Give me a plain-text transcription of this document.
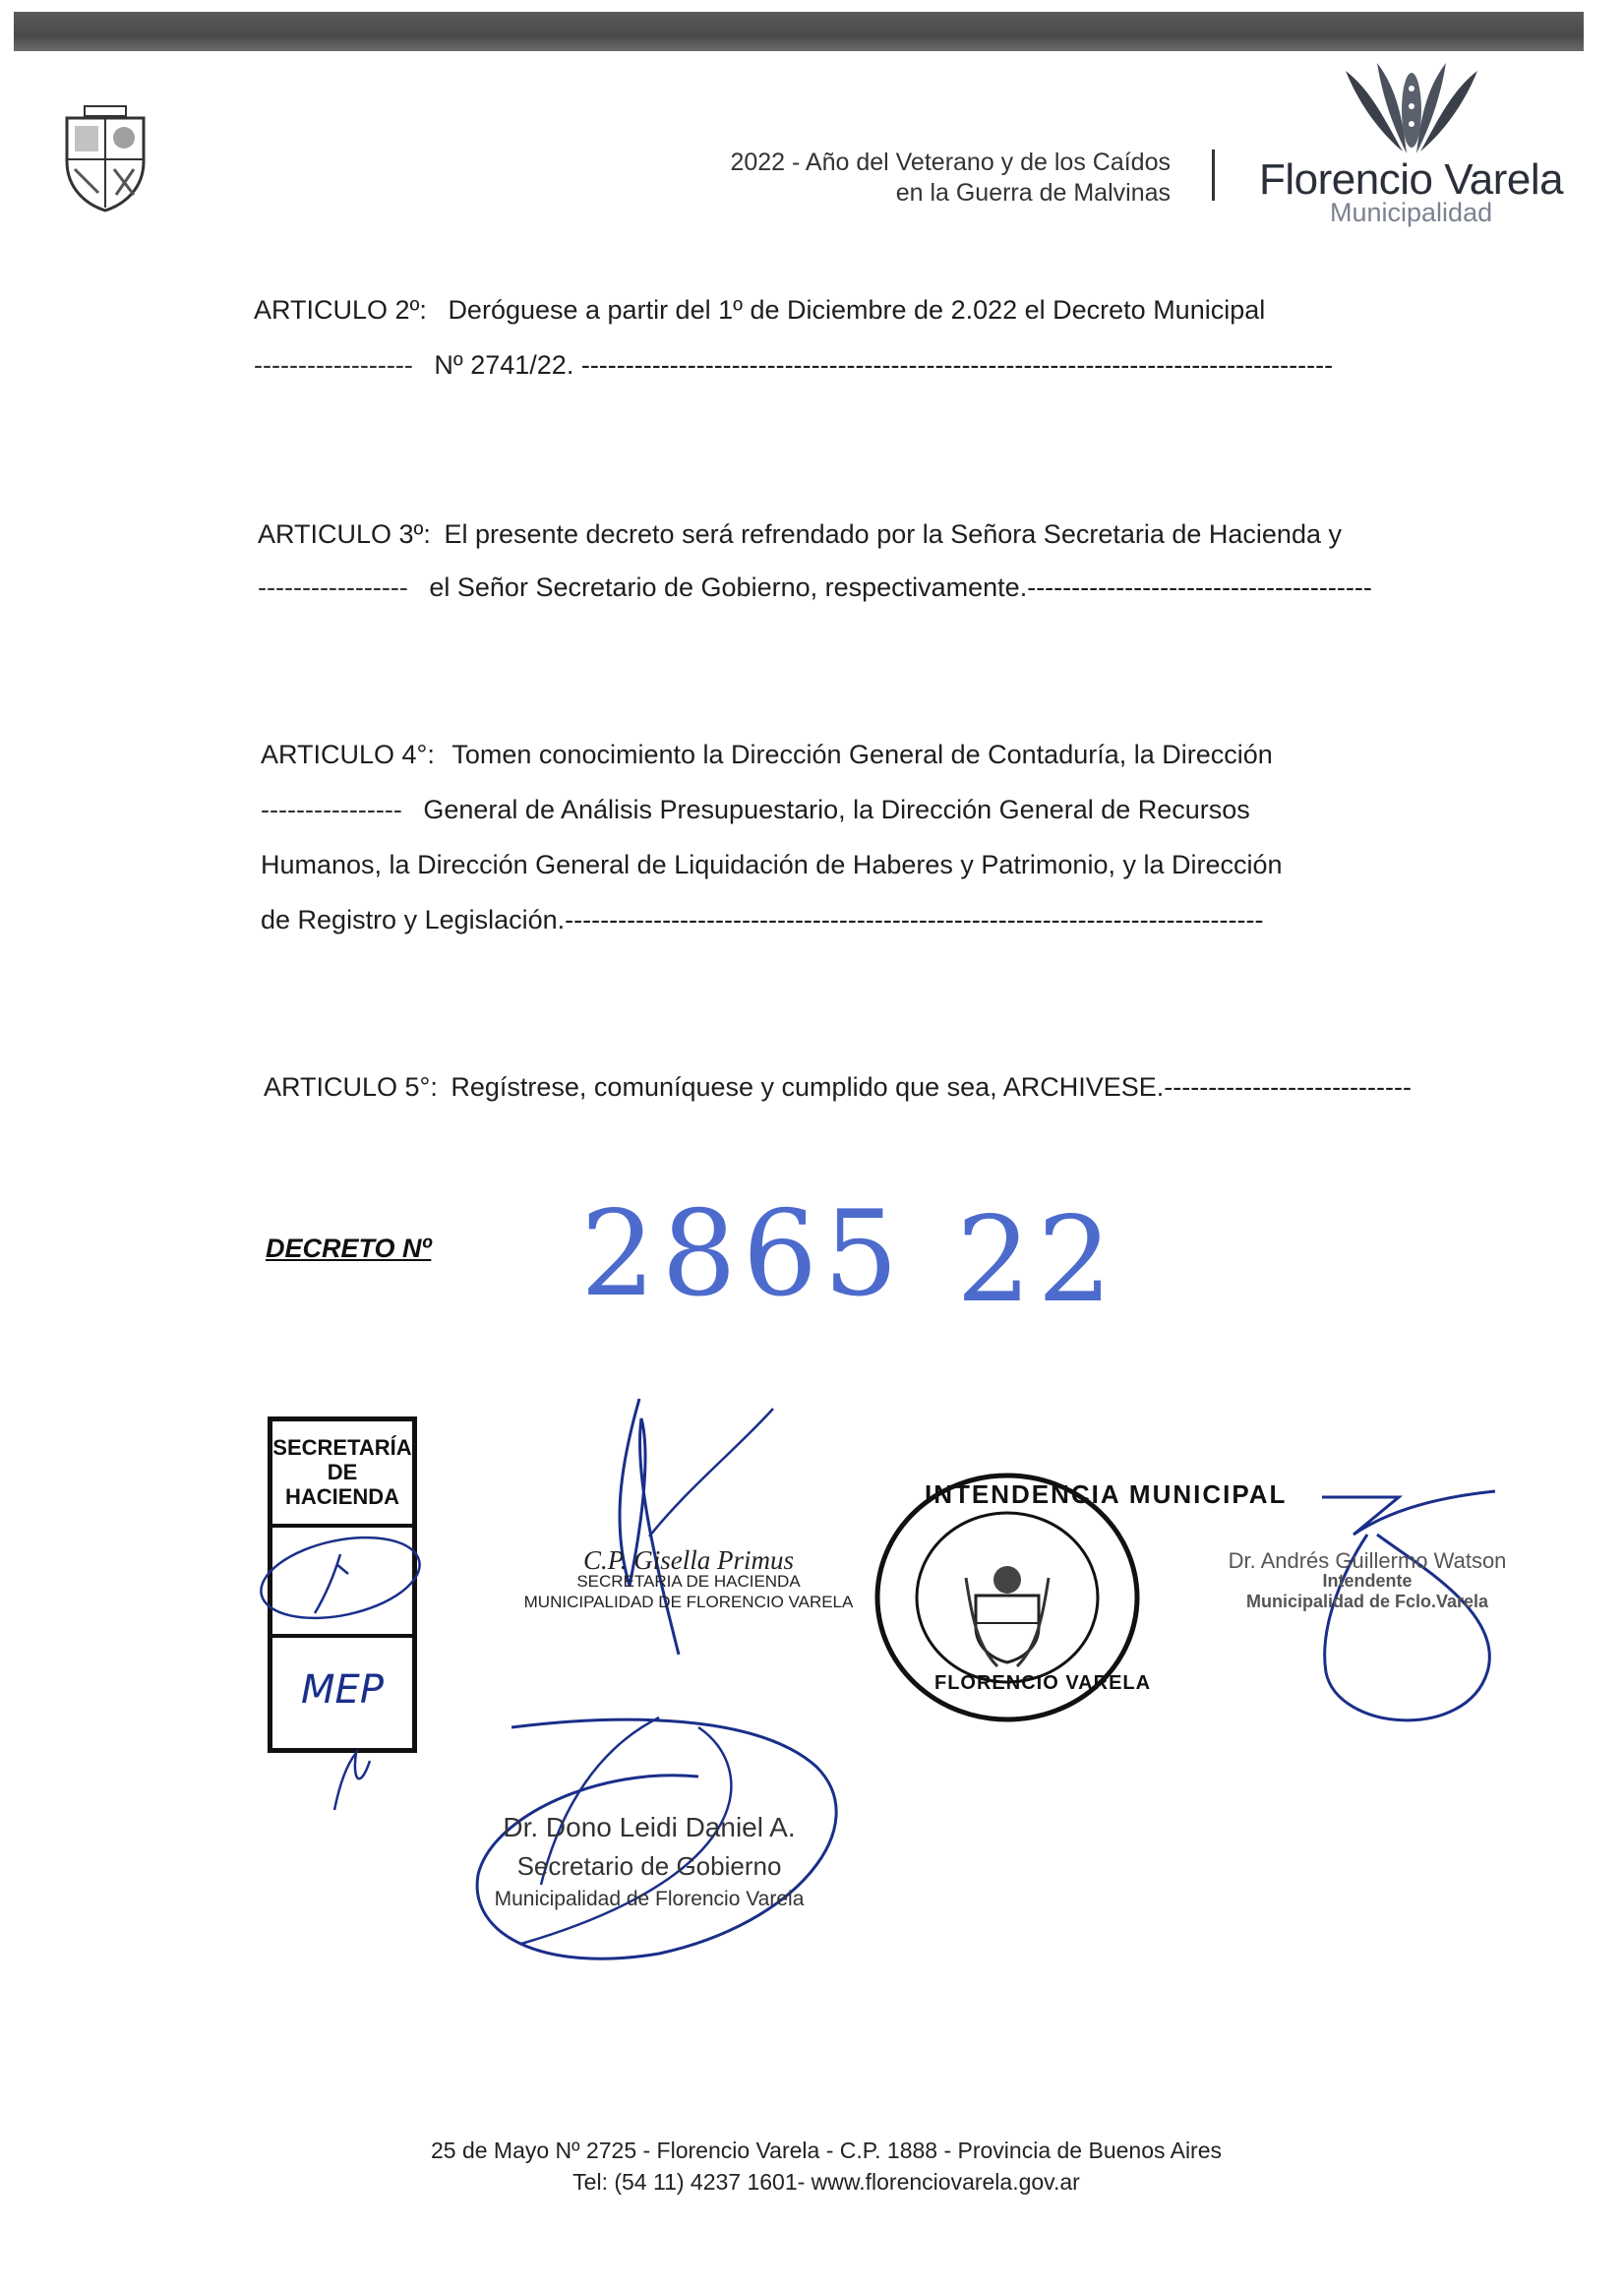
2022 - Año del Veterano y de los Caídos
en la Guerra de Malvinas Florencio Varela
Municipalidad
ARTICULO 2º: Deróguese a partir del 1º de Diciembre de 2.022 el Decreto Municipal
------------------ Nº 2741/22. -------------------------------------------------------------------------------------
ARTICULO 3º: El presente decreto será refrendado por la Señora Secretaria de Hacienda y
----------------- el Señor Secretario de Gobierno, respectivamente.---------------------------------------
ARTICULO 4°: Tomen conocimiento la Dirección General de Contaduría, la Dirección
---------------- General de Análisis Presupuestario, la Dirección General de Recursos
Humanos, la Dirección General de Liquidación de Haberes y Patrimonio, y la Dirección
de Registro y Legislación.-------------------------------------------------------------------------------
ARTICULO 5°: Regístrese, comuníquese y cumplido que sea, ARCHIVESE.----------------------------
DECRETO Nº 2865 22
SECRETARÍA
DE
HACIENDA
MEP
C.P. Gisella Primus
SECRETARIA DE HACIENDA
MUNICIPALIDAD DE FLORENCIO VARELA
INTENDENCIA MUNICIPAL
FLORENCIO VARELA
Dr. Andrés Guillermo Watson
Intendente
Municipalidad de Fclo.Varela
Dr. Dono Leidi Daniel A.
Secretario de Gobierno
Municipalidad de Florencio Varela
25 de Mayo Nº 2725 - Florencio Varela - C.P. 1888 - Provincia de Buenos Aires
Tel: (54 11) 4237 1601- www.florenciovarela.gov.ar
